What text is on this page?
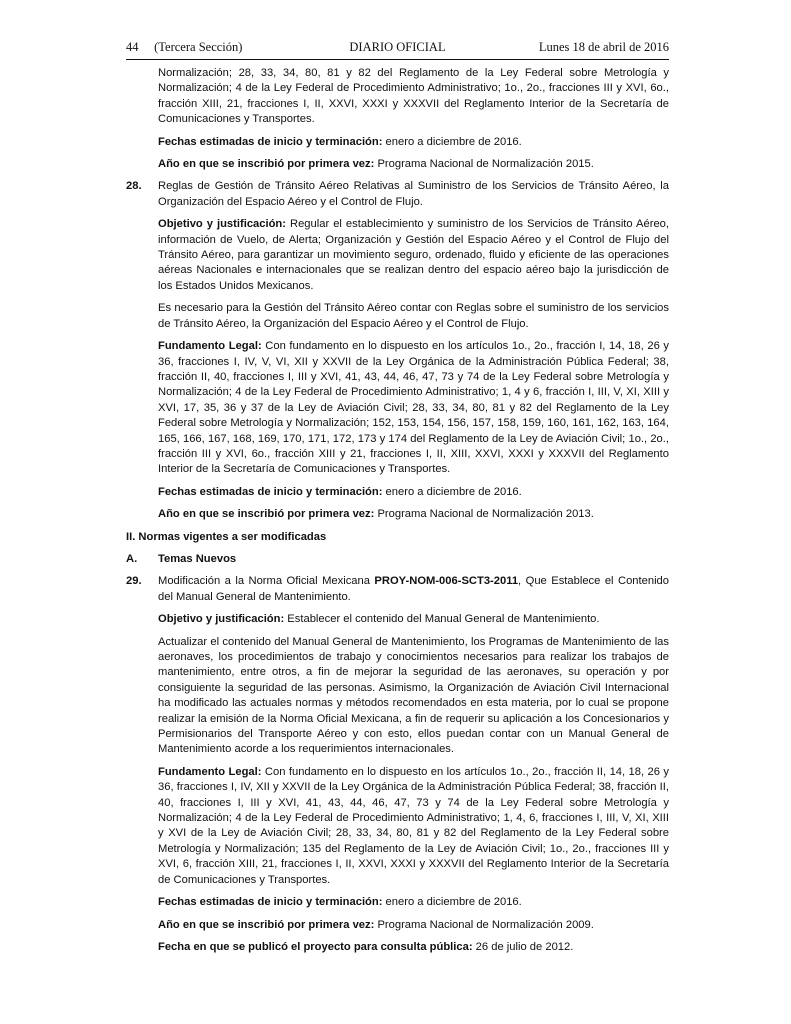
44     (Tercera Sección)	DIARIO OFICIAL	Lunes 18 de abril de 2016

Normalización; 28, 33, 34, 80, 81 y 82 del Reglamento de la Ley Federal sobre Metrología y Normalización; 4 de la Ley Federal de Procedimiento Administrativo; 1o., 2o., fracciones III y XVI, 6o., fracción XIII, 21, fracciones I, II, XXVI, XXXI y XXXVII del Reglamento Interior de la Secretaría de Comunicaciones y Transportes.

Fechas estimadas de inicio y terminación: enero a diciembre de 2016.

Año en que se inscribió por primera vez: Programa Nacional de Normalización 2015.

28. Reglas de Gestión de Tránsito Aéreo Relativas al Suministro de los Servicios de Tránsito Aéreo, la Organización del Espacio Aéreo y el Control de Flujo.

Objetivo y justificación: Regular el establecimiento y suministro de los Servicios de Tránsito Aéreo, información de Vuelo, de Alerta; Organización y Gestión del Espacio Aéreo y el Control de Flujo del Tránsito Aéreo, para garantizar un movimiento seguro, ordenado, fluido y eficiente de las operaciones aéreas Nacionales e internacionales que se realizan dentro del espacio aéreo bajo la jurisdicción de los Estados Unidos Mexicanos.

Es necesario para la Gestión del Tránsito Aéreo contar con Reglas sobre el suministro de los servicios de Tránsito Aéreo, la Organización del Espacio Aéreo y el Control de Flujo.

Fundamento Legal: Con fundamento en lo dispuesto en los artículos 1o., 2o., fracción I, 14, 18, 26 y 36, fracciones I, IV, V, VI, XII y XXVII de la Ley Orgánica de la Administración Pública Federal; 38, fracción II, 40, fracciones I, III y XVI, 41, 43, 44, 46, 47, 73 y 74 de la Ley Federal sobre Metrología y Normalización; 4 de la Ley Federal de Procedimiento Administrativo; 1, 4 y 6, fracción I, III, V, XI, XIII y XVI, 17, 35, 36 y 37 de la Ley de Aviación Civil; 28, 33, 34, 80, 81 y 82 del Reglamento de la Ley Federal sobre Metrología y Normalización; 152, 153, 154, 156, 157, 158, 159, 160, 161, 162, 163, 164, 165, 166, 167, 168, 169, 170, 171, 172, 173 y 174 del Reglamento de la Ley de Aviación Civil; 1o., 2o., fracción III y XVI, 6o., fracción XIII y 21, fracciones I, II, XIII, XXVI, XXXI y XXXVII del Reglamento Interior de la Secretaría de Comunicaciones y Transportes.

Fechas estimadas de inicio y terminación: enero a diciembre de 2016.

Año en que se inscribió por primera vez: Programa Nacional de Normalización 2013.

II. Normas vigentes a ser modificadas

A. Temas Nuevos
29. Modificación a la Norma Oficial Mexicana PROY-NOM-006-SCT3-2011, Que Establece el Contenido del Manual General de Mantenimiento.

Objetivo y justificación: Establecer el contenido del Manual General de Mantenimiento.

Actualizar el contenido del Manual General de Mantenimiento, los Programas de Mantenimiento de las aeronaves, los procedimientos de trabajo y conocimientos necesarios para realizar los trabajos de mantenimiento, entre otros, a fin de mejorar la seguridad de las aeronaves, su operación y por consiguiente la seguridad de las personas. Asimismo, la Organización de Aviación Civil Internacional ha modificado las actuales normas y métodos recomendados en esta materia, por lo cual se propone realizar la emisión de la Norma Oficial Mexicana, a fin de requerir su aplicación a los Concesionarios y Permisionarios del Transporte Aéreo y con esto, ellos puedan contar con un Manual General de Mantenimiento acorde a los requerimientos internacionales.

Fundamento Legal: Con fundamento en lo dispuesto en los artículos 1o., 2o., fracción II, 14, 18, 26 y 36, fracciones I, IV, XII y XXVII de la Ley Orgánica de la Administración Pública Federal; 38, fracción II, 40, fracciones I, III y XVI, 41, 43, 44, 46, 47, 73 y 74 de la Ley Federal sobre Metrología y Normalización; 4 de la Ley Federal de Procedimiento Administrativo; 1, 4, 6, fracciones I, III, V, XI, XIII y XVI de la Ley de Aviación Civil; 28, 33, 34, 80, 81 y 82 del Reglamento de la Ley Federal sobre Metrología y Normalización; 135 del Reglamento de la Ley de Aviación Civil; 1o., 2o., fracciones III y XVI, 6, fracción XIII, 21, fracciones I, II, XXVI, XXXI y XXXVII del Reglamento Interior de la Secretaría de Comunicaciones y Transportes.

Fechas estimadas de inicio y terminación: enero a diciembre de 2016.

Año en que se inscribió por primera vez: Programa Nacional de Normalización 2009.

Fecha en que se publicó el proyecto para consulta pública: 26 de julio de 2012.
